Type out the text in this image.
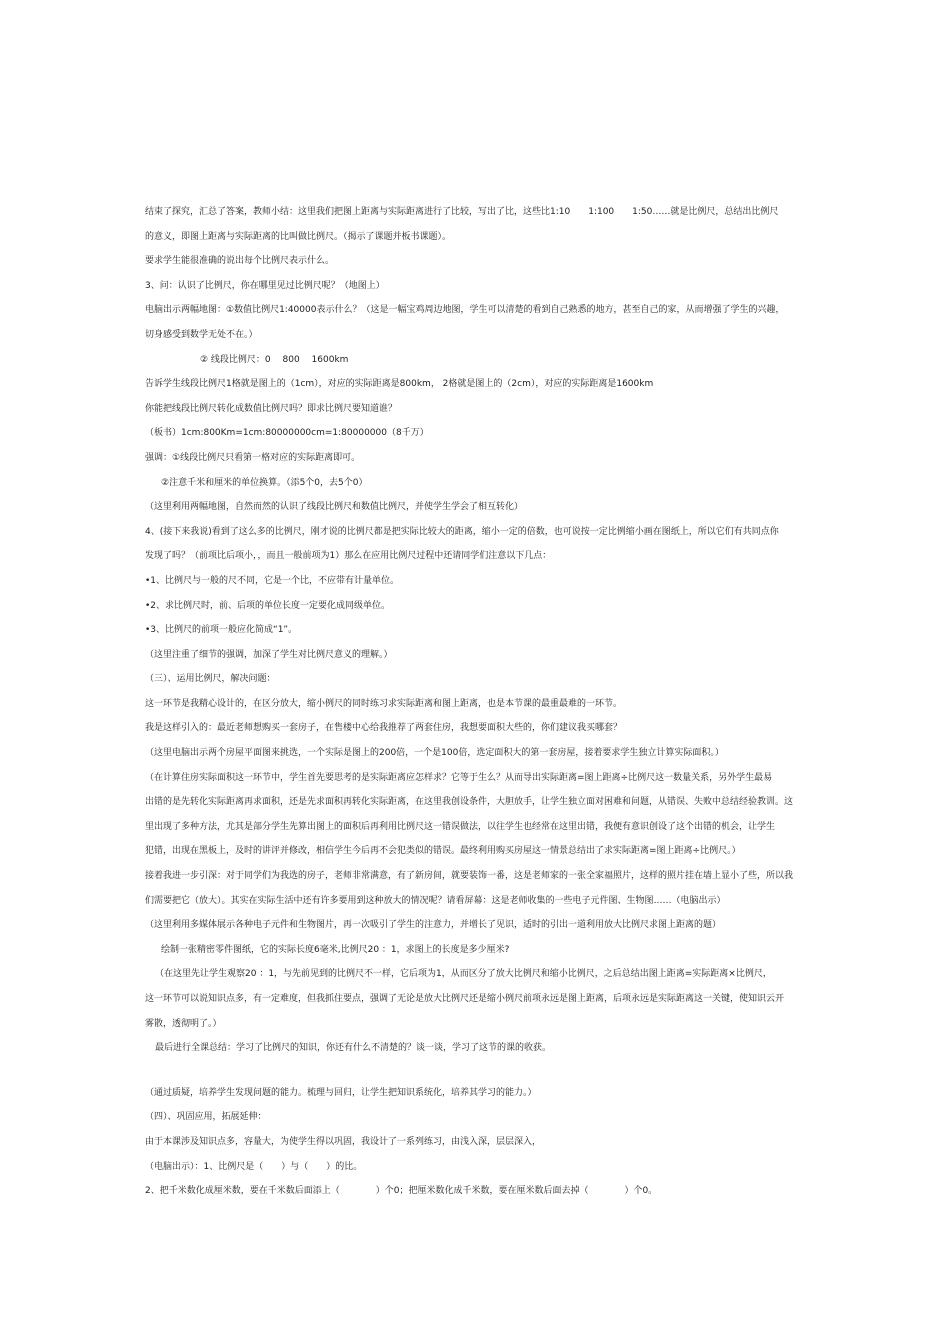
结束了探究，汇总了答案，教师小结：这里我们把图上距离与实际距离进行了比较，写出了比，这些比1:10　　1:100　　1:50……就是比例尺，总结出比例尺
的意义，即图上距离与实际距离的比叫做比例尺。（揭示了课题并板书课题）。
要求学生能很准确的说出每个比例尺表示什么。
3、问：认识了比例尺，你在哪里见过比例尺呢？（地图上）
电脑出示两幅地图：①数值比例尺1:40000表示什么？（这是一幅宝鸡周边地图，学生可以清楚的看到自己熟悉的地方，甚至自己的家，从而增强了学生的兴趣，
切身感受到数学无处不在。）
② 线段比例尺：0　 800　 1600km
告诉学生线段比例尺1格就是图上的（1cm），对应的实际距离是800km， 2格就是图上的（2cm），对应的实际距离是1600km
你能把线段比例尺转化成数值比例尺吗？即求比例尺要知道谁？
（板书）1cm:800Km=1cm:80000000cm=1:80000000（8千万）
强调：①线段比例尺只看第一格对应的实际距离即可。
②注意千米和厘米的单位换算。（添5个0，去5个0）
（这里利用两幅地图，自然而然的认识了线段比例尺和数值比例尺，并使学生学会了相互转化）
4、(接下来我说)看到了这么多的比例尺，刚才说的比例尺都是把实际比较大的距离，缩小一定的倍数，也可说按一定比例缩小画在图纸上，所以它们有共同点你
发现了吗？（前项比后项小，，而且一般前项为1）那么在应用比例尺过程中还请同学们注意以下几点：
•1、比例尺与一般的尺不同，它是一个比，不应带有计量单位。
•2、求比例尺时，前、后项的单位长度一定要化成同级单位。
•3、比例尺的前项一般应化简成“1”。
（这里注重了细节的强调，加深了学生对比例尺意义的理解。）
（三）、运用比例尺，解决问题：
这一环节是我精心设计的，在区分放大，缩小例尺的同时练习求实际距离和图上距离，也是本节课的最重最难的一环节。
我是这样引入的：最近老师想购买一套房子，在售楼中心给我推荐了两套住房，我想要面积大些的，你们建议我买哪套？
（这里电脑出示两个房屋平面图来挑选，一个实际是图上的200倍，一个是100倍，选定面积大的第一套房屋，接着要求学生独立计算实际面积。）
（在计算住房实际面积这一环节中，学生首先要思考的是实际距离应怎样求？它等于生么？从而导出实际距离=图上距离÷比例尺这一数量关系，另外学生最易
出错的是先转化实际距离再求面积，还是先求面积再转化实际距离，在这里我创设条件，大胆放手，让学生独立面对困难和问题，从错误、失败中总结经验教训。这
里出现了多种方法，尤其是部分学生先算出图上的面积后再利用比例尺这一错误做法，以往学生也经常在这里出错，我便有意识创设了这个出错的机会，让学生
犯错，出现在黑板上，及时的讲评并修改，相信学生今后再不会犯类似的错误。最终利用购买房屋这一情景总结出了求实际距离=图上距离÷比例尺。）
接着我进一步引深：对于同学们为我选的房子，老师非常满意，有了新房间，就要装饰一番，这是老师家的一张全家福照片，这样的照片挂在墙上显小了些，所以我
们需要把它（放大）。其实在实际生活中还有许多要用到这种放大的情况呢？请看屏幕：这是老师收集的一些电子元件图、生物图……（电脑出示）
（这里利用多媒体展示各种电子元件和生物图片，再一次吸引了学生的注意力，并增长了见识，适时的引出一道利用放大比例尺求图上距离的题）
绘制一张精密零件图纸，它的实际长度6毫米,比例尺20 ：1，求图上的长度是多少厘米?
（在这里先让学生观察20 ：1，与先前见到的比例尺不一样，它后项为1，从而区分了放大比例尺和缩小比例尺，之后总结出图上距离=实际距离×比例尺，
这一环节可以说知识点多，有一定难度，但我抓住要点，强调了无论是放大比例尺还是缩小例尺前项永远是图上距离，后项永远是实际距离这一关键，使知识云开
雾散，透彻明了。）
最后进行全课总结：学习了比例尺的知识，你还有什么不清楚的？谈一谈，学习了这节的课的收获。
（通过质疑，培养学生发现问题的能力。梳理与回归，让学生把知识系统化，培养其学习的能力。）
（四）、巩固应用，拓展延伸：
由于本课涉及知识点多，容量大，为使学生得以巩固，我设计了一系列练习，由浅入深，层层深入，
（电脑出示）：1、比例尺是（　　）与（　　）的比。
2、把千米数化成厘米数，要在千米数后面添上（　　　　）个0；把厘米数化成千米数，要在厘米数后面去掉（　　　　）个0。
